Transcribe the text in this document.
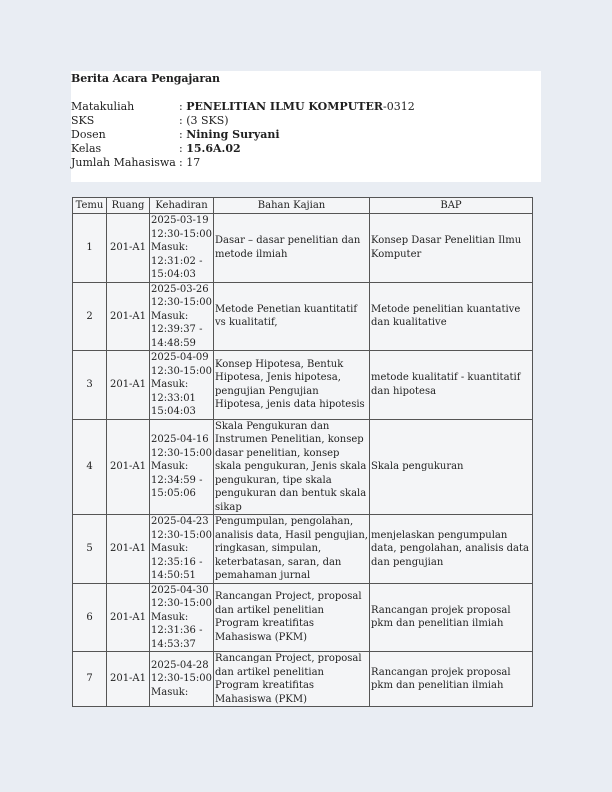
Berita Acara Pengajaran
Matakuliah	: PENELITIAN ILMU KOMPUTER-0312
SKS	: (3 SKS)
Dosen	: Nining Suryani
Kelas	: 15.6A.02
Jumlah Mahasiswa : 17
Temu	Ruang	Kehadiran	Bahan Kajian	BAP
1	201-A1	2025-03-19
12:30-15:00
Masuk:
12:31:02 -
15:04:03	Dasar – dasar penelitian dan metode ilmiah	Konsep Dasar Penelitian Ilmu Komputer

2	201-A1	2025-03-26
12:30-15:00
Masuk:
12:39:37 -
14:48:59	Metode Penetian kuantitatif vs kualitatif,	Metode penelitian kuantative dan kualitative

3	201-A1	2025-04-09
12:30-15:00
Masuk:
12:33:01
15:04:03	Konsep Hipotesa, Bentuk Hipotesa, Jenis hipotesa, pengujian Pengujian Hipotesa, jenis data hipotesis	metode kualitatif - kuantitatif dan hipotesa

4	201-A1	2025-04-16
12:30-15:00
Masuk:
12:34:59 -
15:05:06	Skala Pengukuran dan Instrumen Penelitian, konsep dasar penelitian, konsep skala pengukuran, Jenis skala pengukuran, tipe skala pengukuran dan bentuk skala sikap	Skala pengukuran

5	201-A1	2025-04-23
12:30-15:00
Masuk:
12:35:16 -
14:50:51	Pengumpulan, pengolahan, analisis data, Hasil pengujian, ringkasan, simpulan, keterbatasan, saran, dan pemahaman jurnal	menjelaskan pengumpulan data, pengolahan, analisis data dan pengujian

6	201-A1	2025-04-30
12:30-15:00
Masuk:
12:31:36 -
14:53:37	Rancangan Project, proposal dan artikel penelitian Program kreatifitas Mahasiswa (PKM)	Rancangan projek proposal pkm dan penelitian ilmiah

7	201-A1	2025-04-28
12:30-15:00
Masuk:	Rancangan Project, proposal dan artikel penelitian Program kreatifitas Mahasiswa (PKM)	Rancangan projek proposal pkm dan penelitian ilmiah
